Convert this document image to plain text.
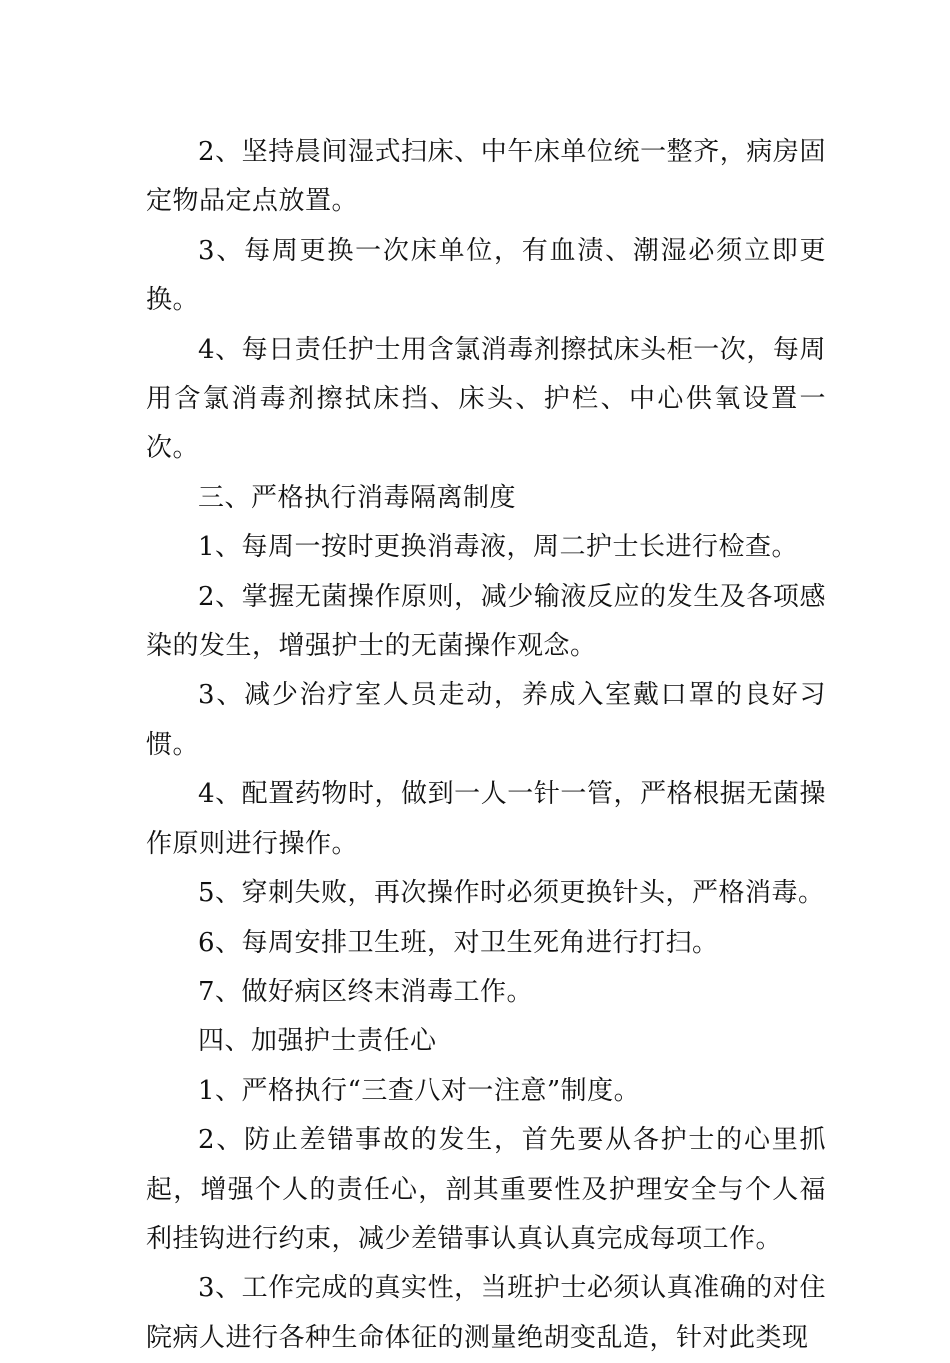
2、坚持晨间湿式扫床、中午床单位统一整齐，病房固定物品定点放置。

3、每周更换一次床单位，有血渍、潮湿必须立即更换。

4、每日责任护士用含氯消毒剂擦拭床头柜一次，每周用含氯消毒剂擦拭床挡、床头、护栏、中心供氧设置一次。

三、严格执行消毒隔离制度

1、每周一按时更换消毒液，周二护士长进行检查。

2、掌握无菌操作原则，减少输液反应的发生及各项感染的发生，增强护士的无菌操作观念。

3、减少治疗室人员走动，养成入室戴口罩的良好习惯。

4、配置药物时，做到一人一针一管，严格根据无菌操作原则进行操作。

5、穿刺失败，再次操作时必须更换针头，严格消毒。

6、每周安排卫生班，对卫生死角进行打扫。

7、做好病区终末消毒工作。

四、加强护士责任心

1、严格执行“三查八对一注意”制度。

2、防止差错事故的发生，首先要从各护士的心里抓起，增强个人的责任心，剖其重要性及护理安全与个人福利挂钩进行约束，减少差错事认真认真完成每项工作。

3、工作完成的真实性，当班护士必须认真准确的对住院病人进行各种生命体征的测量绝胡变乱造，针对此类现
